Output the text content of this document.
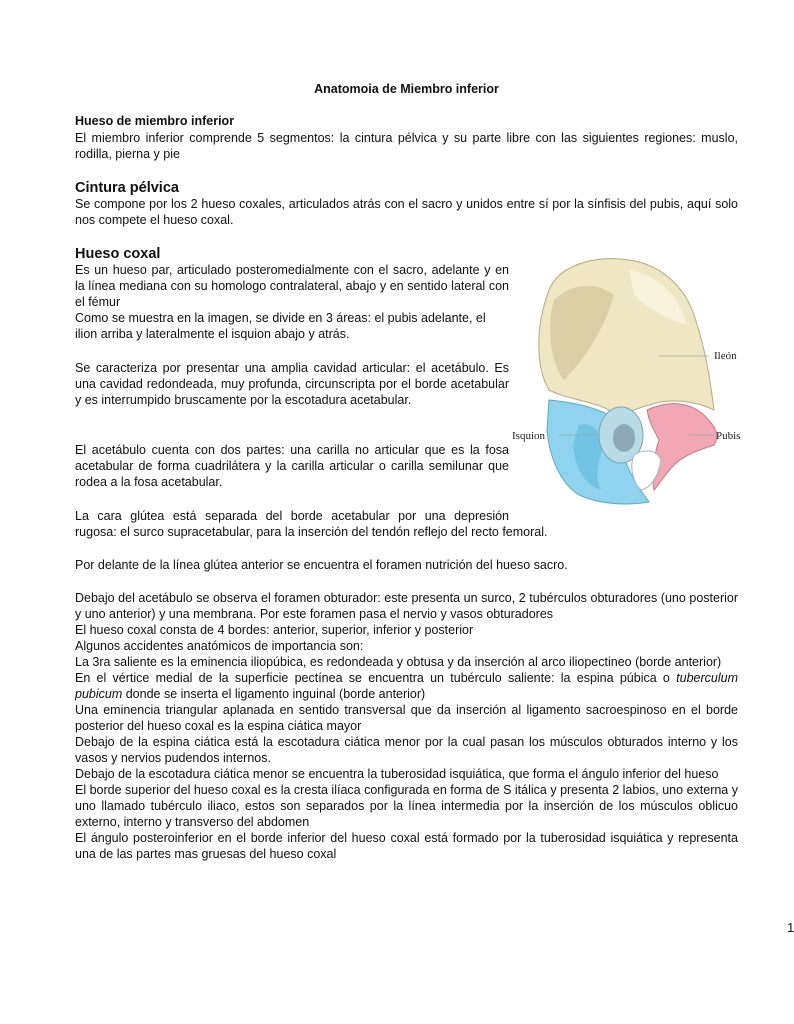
Anatomoia de Miembro inferior

Hueso de miembro inferior

El miembro inferior comprende 5 segmentos: la cintura pélvica y su parte libre con las siguientes regiones: muslo, rodilla, pierna y pie

Cintura pélvica

Se compone por los 2 hueso coxales, articulados atrás con el sacro y unidos entre sí por la sínfisis del pubis, aquí solo nos compete el hueso coxal.

Hueso coxal

Es un hueso par, articulado posteromedialmente con el sacro, adelante y en la línea mediana con su homologo contralateral, abajo y en sentido lateral con el fémur

Como se muestra en la imagen, se divide en 3 áreas: el pubis adelante, el ilion arriba y lateralmente el isquion abajo y atrás.

Se caracteriza por presentar una amplia cavidad articular: el acetábulo. Es una cavidad redondeada, muy profunda, circunscripta por el borde acetabular y es interrumpido bruscamente por la escotadura acetabular.

El acetábulo cuenta con dos partes: una carilla no articular que es la fosa acetabular de forma cuadrilátera y la carilla articular o carilla semilunar que rodea a la fosa acetabular.

La cara glútea está separada del borde acetabular por una depresión

rugosa: el surco supracetabular, para la inserción del tendón reflejo del recto femoral.

Por delante de la línea glútea anterior se encuentra el foramen nutrición del hueso sacro.

Debajo del acetábulo se observa el foramen obturador: este presenta un surco, 2 tubérculos obturadores (uno posterior y uno anterior) y una membrana. Por este foramen pasa el nervio y vasos obturadores

El hueso coxal consta de 4 bordes: anterior, superior, inferior y posterior

Algunos accidentes anatómicos de importancia son:

La 3ra saliente es la eminencia iliopúbica, es redondeada y obtusa y da inserción al arco iliopectineo (borde anterior)

En el vértice medial de la superficie pectínea se encuentra un tubérculo saliente: la espina púbica o tuberculum pubicum donde se inserta el ligamento inguinal (borde anterior)

Una eminencia triangular aplanada en sentido transversal que da inserción al ligamento sacroespinoso en el borde posterior del hueso coxal es la espina ciática mayor

Debajo de la espina ciática está la escotadura ciática menor por la cual pasan los músculos obturados interno y los vasos y nervios pudendos internos.

Debajo de la escotadura ciática menor se encuentra la tuberosidad isquiática, que forma el ángulo inferior del hueso

El borde superior del hueso coxal es la cresta ilíaca configurada en forma de S itálica y presenta 2 labios, uno externa y uno llamado tubérculo iliaco, estos son separados por la línea intermedia por la inserción de los músculos oblicuo externo, interno y transverso del abdomen

El ángulo posteroinferior en el borde inferior del hueso coxal está formado por la tuberosidad isquiática y representa una de las partes mas gruesas del hueso coxal

1
Ileón
Isquion	Pubis
